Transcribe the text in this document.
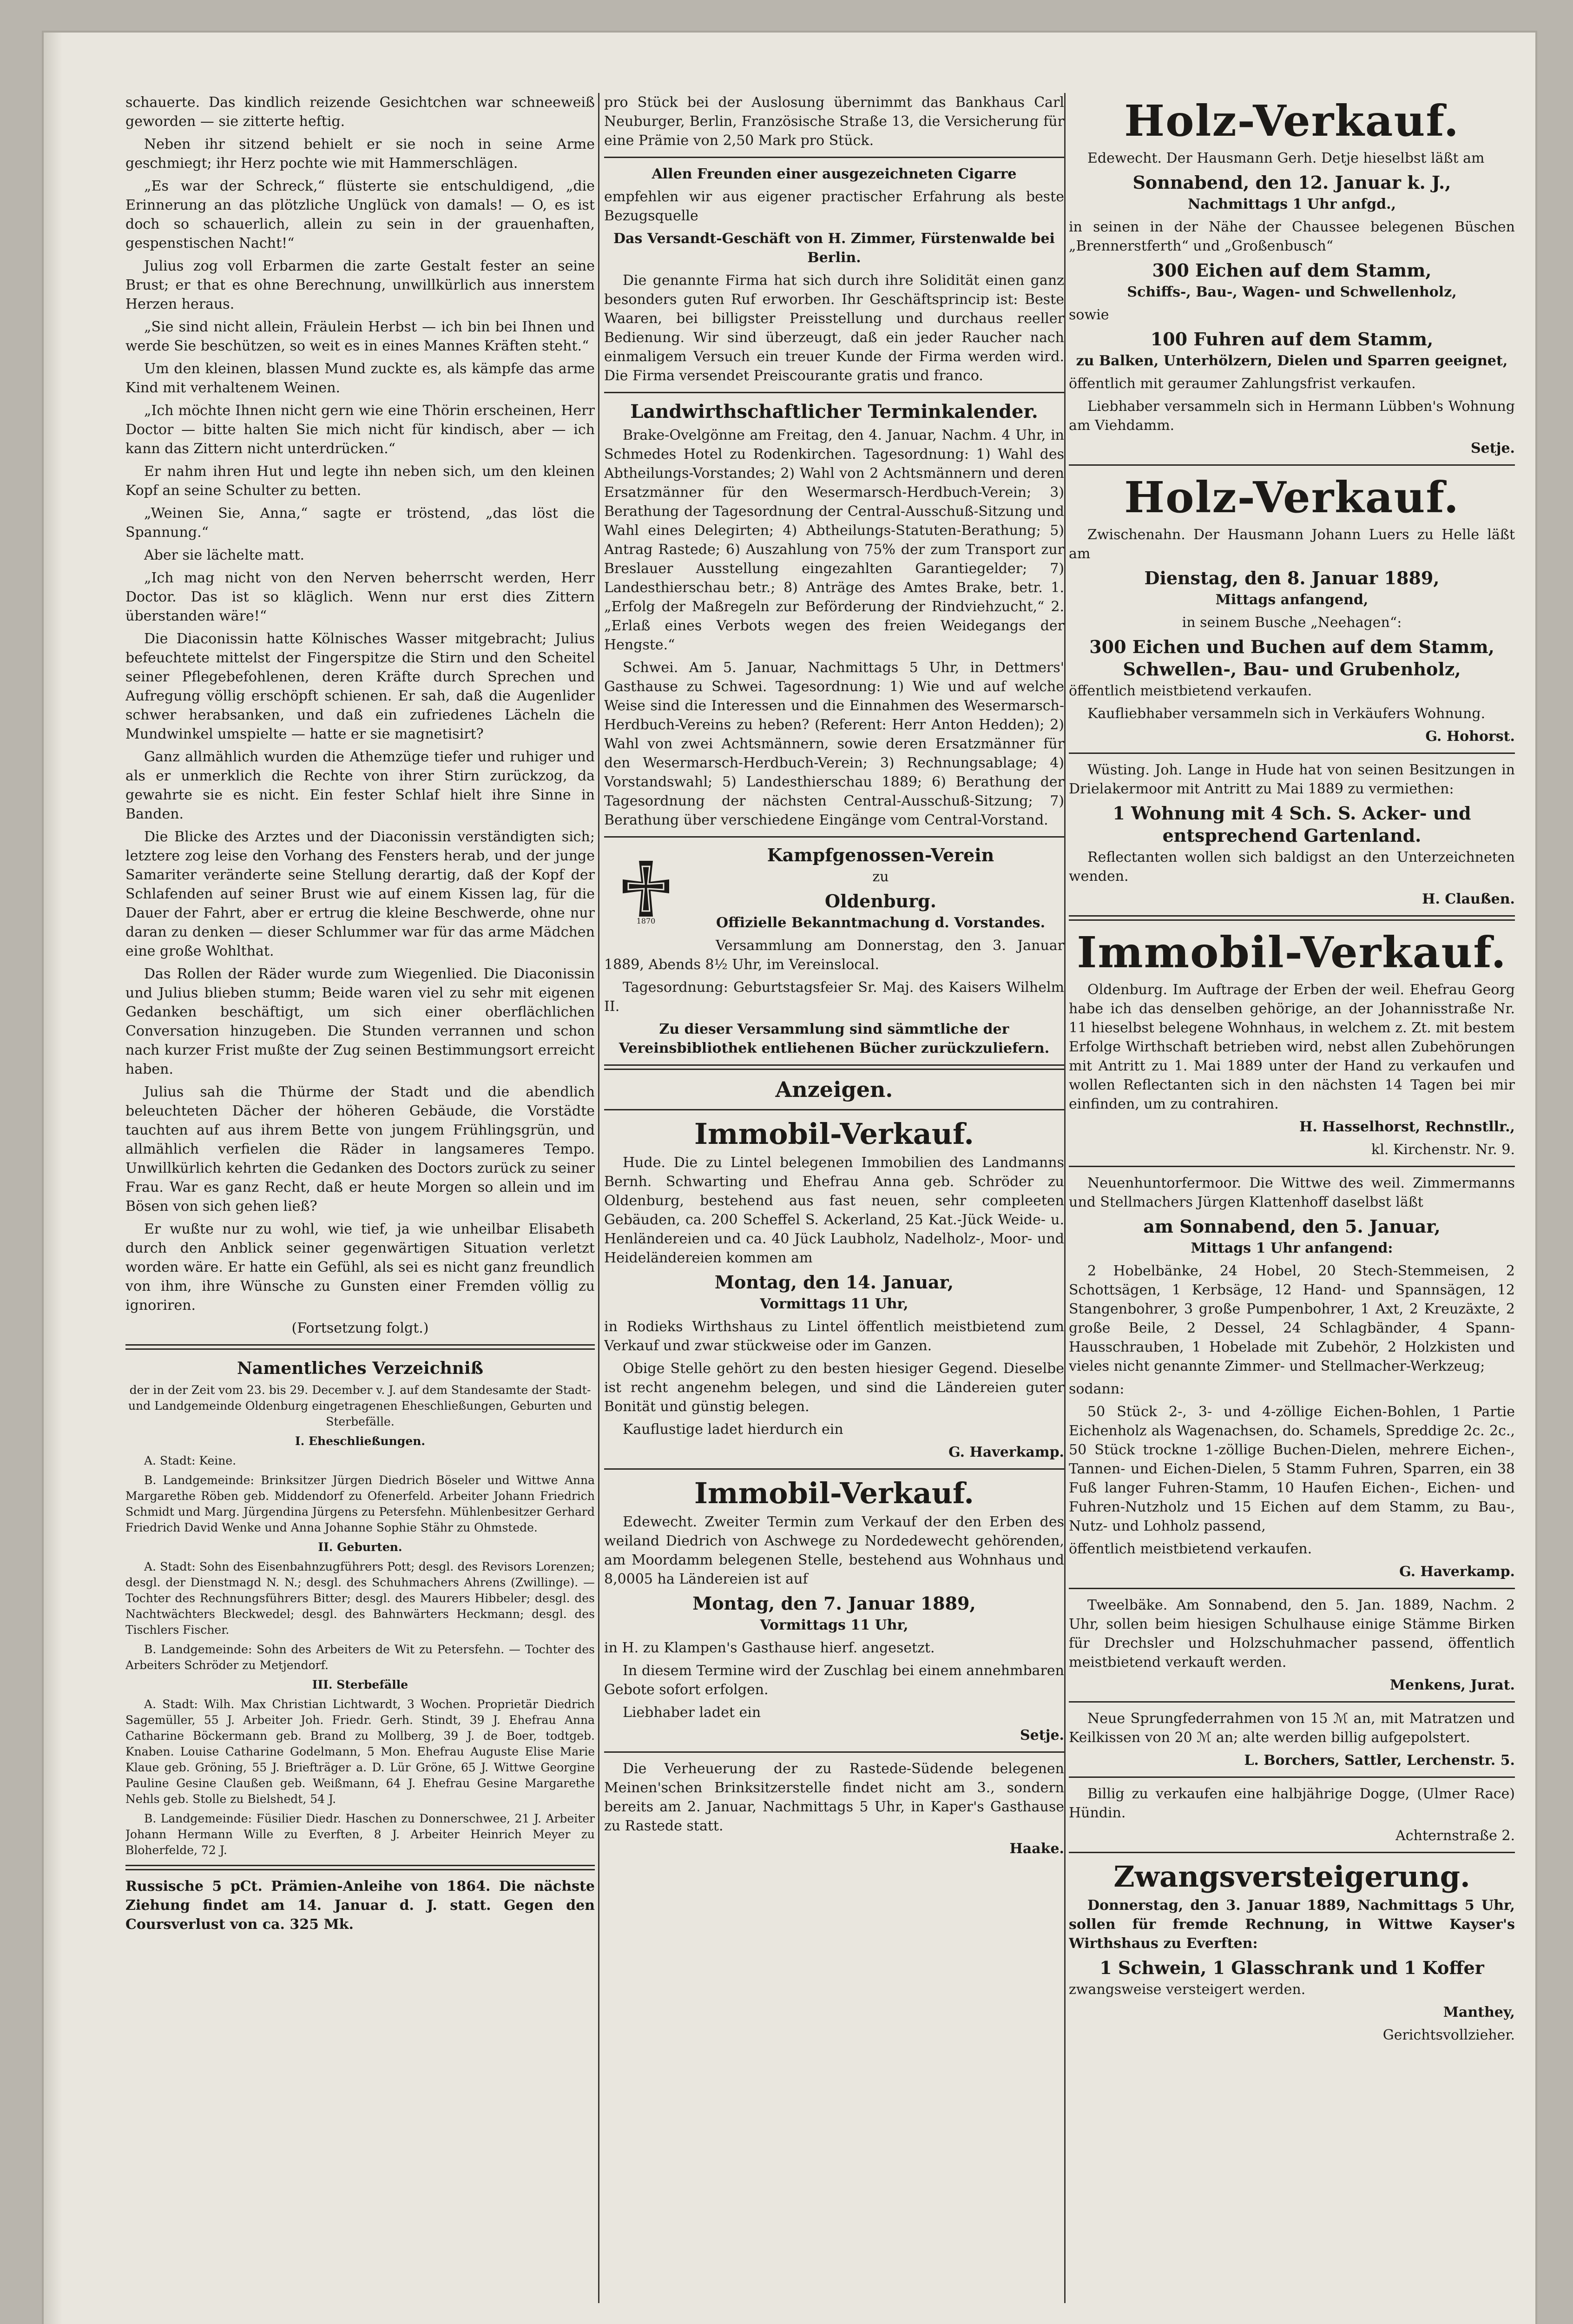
schauerte. Das kindlich reizende Gesichtchen war schneeweiß geworden — sie zitterte heftig.

Neben ihr sitzend behielt er sie noch in seine Arme geschmiegt; ihr Herz pochte wie mit Hammerschlägen.

„Es war der Schreck,“ flüsterte sie entschuldigend, „die Erinnerung an das plötzliche Unglück von damals! — O, es ist doch so schauerlich, allein zu sein in der grauenhaften, gespenstischen Nacht!“

Julius zog voll Erbarmen die zarte Gestalt fester an seine Brust; er that es ohne Berechnung, unwillkürlich aus innerstem Herzen heraus.

„Sie sind nicht allein, Fräulein Herbst — ich bin bei Ihnen und werde Sie beschützen, so weit es in eines Mannes Kräften steht.“

Um den kleinen, blassen Mund zuckte es, als kämpfe das arme Kind mit verhaltenem Weinen.

„Ich möchte Ihnen nicht gern wie eine Thörin erscheinen, Herr Doctor — bitte halten Sie mich nicht für kindisch, aber — ich kann das Zittern nicht unterdrücken.“

Er nahm ihren Hut und legte ihn neben sich, um den kleinen Kopf an seine Schulter zu betten.

„Weinen Sie, Anna,“ sagte er tröstend, „das löst die Spannung.“

Aber sie lächelte matt.

„Ich mag nicht von den Nerven beherrscht werden, Herr Doctor. Das ist so kläglich. Wenn nur erst dies Zittern überstanden wäre!“

Die Diaconissin hatte Kölnisches Wasser mitgebracht; Julius befeuchtete mittelst der Fingerspitze die Stirn und den Scheitel seiner Pflegebefohlenen, deren Kräfte durch Sprechen und Aufregung völlig erschöpft schienen. Er sah, daß die Augenlider schwer herabsanken, und daß ein zufriedenes Lächeln die Mundwinkel umspielte — hatte er sie magnetisirt?

Ganz allmählich wurden die Athemzüge tiefer und ruhiger und als er unmerklich die Rechte von ihrer Stirn zurückzog, da gewahrte sie es nicht. Ein fester Schlaf hielt ihre Sinne in Banden.

Die Blicke des Arztes und der Diaconissin verständigten sich; letztere zog leise den Vorhang des Fensters herab, und der junge Samariter veränderte seine Stellung derartig, daß der Kopf der Schlafenden auf seiner Brust wie auf einem Kissen lag, für die Dauer der Fahrt, aber er ertrug die kleine Beschwerde, ohne nur daran zu denken — dieser Schlummer war für das arme Mädchen eine große Wohlthat.

Das Rollen der Räder wurde zum Wiegenlied. Die Diaconissin und Julius blieben stumm; Beide waren viel zu sehr mit eigenen Gedanken beschäftigt, um sich einer oberflächlichen Conversation hinzugeben. Die Stunden verrannen und schon nach kurzer Frist mußte der Zug seinen Bestimmungsort erreicht haben.

Julius sah die Thürme der Stadt und die abendlich beleuchteten Dächer der höheren Gebäude, die Vorstädte tauchten auf aus ihrem Bette von jungem Frühlingsgrün, und allmählich verfielen die Räder in langsameres Tempo. Unwillkürlich kehrten die Gedanken des Doctors zurück zu seiner Frau. War es ganz Recht, daß er heute Morgen so allein und im Bösen von sich gehen ließ?

Er wußte nur zu wohl, wie tief, ja wie unheilbar Elisabeth durch den Anblick seiner gegenwärtigen Situation verletzt worden wäre. Er hatte ein Gefühl, als sei es nicht ganz freundlich von ihm, ihre Wünsche zu Gunsten einer Fremden völlig zu ignoriren.

(Fortsetzung folgt.)

Namentliches Verzeichniß

der in der Zeit vom 23. bis 29. December v. J. auf dem Standesamte der Stadt- und Landgemeinde Oldenburg eingetragenen Eheschließungen, Geburten und Sterbefälle.

I. Eheschließungen.

A. Stadt: Keine.

B. Landgemeinde: Brinksitzer Jürgen Diedrich Böseler und Wittwe Anna Margarethe Röben geb. Middendorf zu Ofenerfeld. Arbeiter Johann Friedrich Schmidt und Marg. Jürgendina Jürgens zu Petersfehn. Mühlenbesitzer Gerhard Friedrich David Wenke und Anna Johanne Sophie Stähr zu Ohmstede.

II. Geburten.

A. Stadt: Sohn des Eisenbahnzugführers Pott; desgl. des Revisors Lorenzen; desgl. der Dienstmagd N. N.; desgl. des Schuhmachers Ahrens (Zwillinge). — Tochter des Rechnungsführers Bitter; desgl. des Maurers Hibbeler; desgl. des Nachtwächters Bleckwedel; desgl. des Bahnwärters Heckmann; desgl. des Tischlers Fischer.

B. Landgemeinde: Sohn des Arbeiters de Wit zu Petersfehn. — Tochter des Arbeiters Schröder zu Metjendorf.

III. Sterbefälle

A. Stadt: Wilh. Max Christian Lichtwardt, 3 Wochen. Proprietär Diedrich Sagemüller, 55 J. Arbeiter Joh. Friedr. Gerh. Stindt, 39 J. Ehefrau Anna Catharine Böckermann geb. Brand zu Mollberg, 39 J. de Boer, todtgeb. Knaben. Louise Catharine Godelmann, 5 Mon. Ehefrau Auguste Elise Marie Klaue geb. Gröning, 55 J. Briefträger a. D. Lür Gröne, 65 J. Wittwe Georgine Pauline Gesine Claußen geb. Weißmann, 64 J. Ehefrau Gesine Margarethe Nehls geb. Stolle zu Bielshedt, 54 J.

B. Landgemeinde: Füsilier Diedr. Haschen zu Donnerschwee, 21 J. Arbeiter Johann Hermann Wille zu Everften, 8 J. Arbeiter Heinrich Meyer zu Bloherfelde, 72 J.

Russische 5 pCt. Prämien-Anleihe von 1864. Die nächste Ziehung findet am 14. Januar d. J. statt. Gegen den Coursverlust von ca. 325 Mk.

pro Stück bei der Auslosung übernimmt das Bankhaus Carl Neuburger, Berlin, Französische Straße 13, die Versicherung für eine Prämie von 2,50 Mark pro Stück.

Allen Freunden einer ausgezeichneten Cigarre

empfehlen wir aus eigener practischer Erfahrung als beste Bezugsquelle

Das Versandt-Geschäft von H. Zimmer, Fürstenwalde bei Berlin.

Die genannte Firma hat sich durch ihre Solidität einen ganz besonders guten Ruf erworben. Ihr Geschäftsprincip ist: Beste Waaren, bei billigster Preisstellung und durchaus reeller Bedienung. Wir sind überzeugt, daß ein jeder Raucher nach einmaligem Versuch ein treuer Kunde der Firma werden wird. Die Firma versendet Preiscourante gratis und franco.

Landwirthschaftlicher Terminkalender.

Brake-Ovelgönne am Freitag, den 4. Januar, Nachm. 4 Uhr, in Schmedes Hotel zu Rodenkirchen. Tagesordnung: 1) Wahl des Abtheilungs-Vorstandes; 2) Wahl von 2 Achtsmännern und deren Ersatzmänner für den Wesermarsch-Herdbuch-Verein; 3) Berathung der Tagesordnung der Central-Ausschuß-Sitzung und Wahl eines Delegirten; 4) Abtheilungs-Statuten-Berathung; 5) Antrag Rastede; 6) Auszahlung von 75% der zum Transport zur Breslauer Ausstellung eingezahlten Garantiegelder; 7) Landesthierschau betr.; 8) Anträge des Amtes Brake, betr. 1. „Erfolg der Maßregeln zur Beförderung der Rindviehzucht,“ 2. „Erlaß eines Verbots wegen des freien Weidegangs der Hengste.“

Schwei. Am 5. Januar, Nachmittags 5 Uhr, in Dettmers' Gasthause zu Schwei. Tagesordnung: 1) Wie und auf welche Weise sind die Interessen und die Einnahmen des Wesermarsch-Herdbuch-Vereins zu heben? (Referent: Herr Anton Hedden); 2) Wahl von zwei Achtsmännern, sowie deren Ersatzmänner für den Wesermarsch-Herdbuch-Verein; 3) Rechnungsablage; 4) Vorstandswahl; 5) Landesthierschau 1889; 6) Berathung der Tagesordnung der nächsten Central-Ausschuß-Sitzung; 7) Berathung über verschiedene Eingänge vom Central-Vorstand.

1870

Kampfgenossen-Verein

zu

Oldenburg.

Offizielle Bekanntmachung d. Vorstandes.

Versammlung am Donnerstag, den 3. Januar 1889, Abends 8½ Uhr, im Vereinslocal.

Tagesordnung: Geburtstagsfeier Sr. Maj. des Kaisers Wilhelm II.

Zu dieser Versammlung sind sämmtliche der Vereinsbibliothek entliehenen Bücher zurückzuliefern.

Anzeigen.

Immobil-Verkauf.

Hude. Die zu Lintel belegenen Immobilien des Landmanns Bernh. Schwarting und Ehefrau Anna geb. Schröder zu Oldenburg, bestehend aus fast neuen, sehr compleeten Gebäuden, ca. 200 Scheffel S. Ackerland, 25 Kat.-Jück Weide- u. Henländereien und ca. 40 Jück Laubholz, Nadelholz-, Moor- und Heideländereien kommen am

Montag, den 14. Januar,

Vormittags 11 Uhr,

in Rodieks Wirthshaus zu Lintel öffentlich meistbietend zum Verkauf und zwar stückweise oder im Ganzen.

Obige Stelle gehört zu den besten hiesiger Gegend. Dieselbe ist recht angenehm belegen, und sind die Ländereien guter Bonität und günstig belegen.

Kauflustige ladet hierdurch ein

G. Haverkamp.

Immobil-Verkauf.

Edewecht. Zweiter Termin zum Verkauf der den Erben des weiland Diedrich von Aschwege zu Nordedewecht gehörenden, am Moordamm belegenen Stelle, bestehend aus Wohnhaus und 8,0005 ha Ländereien ist auf

Montag, den 7. Januar 1889,

Vormittags 11 Uhr,

in H. zu Klampen's Gasthause hierf. angesetzt.

In diesem Termine wird der Zuschlag bei einem annehmbaren Gebote sofort erfolgen.

Liebhaber ladet ein

Setje.

Die Verheuerung der zu Rastede-Südende belegenen Meinen'schen Brinksitzerstelle findet nicht am 3., sondern bereits am 2. Januar, Nachmittags 5 Uhr, in Kaper's Gasthause zu Rastede statt.

Haake.

Holz-Verkauf.

Edewecht. Der Hausmann Gerh. Detje hieselbst läßt am

Sonnabend, den 12. Januar k. J.,

Nachmittags 1 Uhr anfgd.,

in seinen in der Nähe der Chaussee belegenen Büschen „Brennerstferth“ und „Großenbusch“

300 Eichen auf dem Stamm,

Schiffs-, Bau-, Wagen- und Schwellenholz,

sowie

100 Fuhren auf dem Stamm,

zu Balken, Unterhölzern, Dielen und Sparren geeignet,

öffentlich mit geraumer Zahlungsfrist verkaufen.

Liebhaber versammeln sich in Hermann Lübben's Wohnung am Viehdamm.

Setje.

Holz-Verkauf.

Zwischenahn. Der Hausmann Johann Luers zu Helle läßt am

Dienstag, den 8. Januar 1889,

Mittags anfangend,

in seinem Busche „Neehagen“:

300 Eichen und Buchen auf dem Stamm, Schwellen-, Bau- und Grubenholz,

öffentlich meistbietend verkaufen.

Kaufliebhaber versammeln sich in Verkäufers Wohnung.

G. Hohorst.

Wüsting. Joh. Lange in Hude hat von seinen Besitzungen in Drielakermoor mit Antritt zu Mai 1889 zu vermiethen:

1 Wohnung mit 4 Sch. S. Acker- und entsprechend Gartenland.

Reflectanten wollen sich baldigst an den Unterzeichneten wenden.

H. Claußen.

Immobil-Verkauf.

Oldenburg. Im Auftrage der Erben der weil. Ehefrau Georg habe ich das denselben gehörige, an der Johannisstraße Nr. 11 hieselbst belegene Wohnhaus, in welchem z. Zt. mit bestem Erfolge Wirthschaft betrieben wird, nebst allen Zubehörungen mit Antritt zu 1. Mai 1889 unter der Hand zu verkaufen und wollen Reflectanten sich in den nächsten 14 Tagen bei mir einfinden, um zu contrahiren.

H. Hasselhorst, Rechnstllr.,

kl. Kirchenstr. Nr. 9.

Neuenhuntorfermoor. Die Wittwe des weil. Zimmermanns und Stellmachers Jürgen Klattenhoff daselbst läßt

am Sonnabend, den 5. Januar,

Mittags 1 Uhr anfangend:

2 Hobelbänke, 24 Hobel, 20 Stech-Stemmeisen, 2 Schottsägen, 1 Kerbsäge, 12 Hand- und Spannsägen, 12 Stangenbohrer, 3 große Pumpenbohrer, 1 Axt, 2 Kreuzäxte, 2 große Beile, 2 Dessel, 24 Schlagbänder, 4 Spann-Hausschrauben, 1 Hobelade mit Zubehör, 2 Holzkisten und vieles nicht genannte Zimmer- und Stellmacher-Werkzeug;

sodann:

50 Stück 2-, 3- und 4-zöllige Eichen-Bohlen, 1 Partie Eichenholz als Wagenachsen, do. Schamels, Spreddige 2c. 2c., 50 Stück trockne 1-zöllige Buchen-Dielen, mehrere Eichen-, Tannen- und Eichen-Dielen, 5 Stamm Fuhren, Sparren, ein 38 Fuß langer Fuhren-Stamm, 10 Haufen Eichen-, Eichen- und Fuhren-Nutzholz und 15 Eichen auf dem Stamm, zu Bau-, Nutz- und Lohholz passend,

öffentlich meistbietend verkaufen.

G. Haverkamp.

Tweelbäke. Am Sonnabend, den 5. Jan. 1889, Nachm. 2 Uhr, sollen beim hiesigen Schulhause einige Stämme Birken für Drechsler und Holzschuhmacher passend, öffentlich meistbietend verkauft werden.

Menkens, Jurat.

Neue Sprungfederrahmen von 15 ℳ an, mit Matratzen und Keilkissen von 20 ℳ an; alte werden billig aufgepolstert.

L. Borchers, Sattler, Lerchenstr. 5.

Billig zu verkaufen eine halbjährige Dogge, (Ulmer Race) Hündin.

Achternstraße 2.

Zwangsversteigerung.

Donnerstag, den 3. Januar 1889, Nachmittags 5 Uhr, sollen für fremde Rechnung, in Wittwe Kayser's Wirthshaus zu Everften:

1 Schwein, 1 Glasschrank und 1 Koffer

zwangsweise versteigert werden.

Manthey,

Gerichtsvollzieher.
